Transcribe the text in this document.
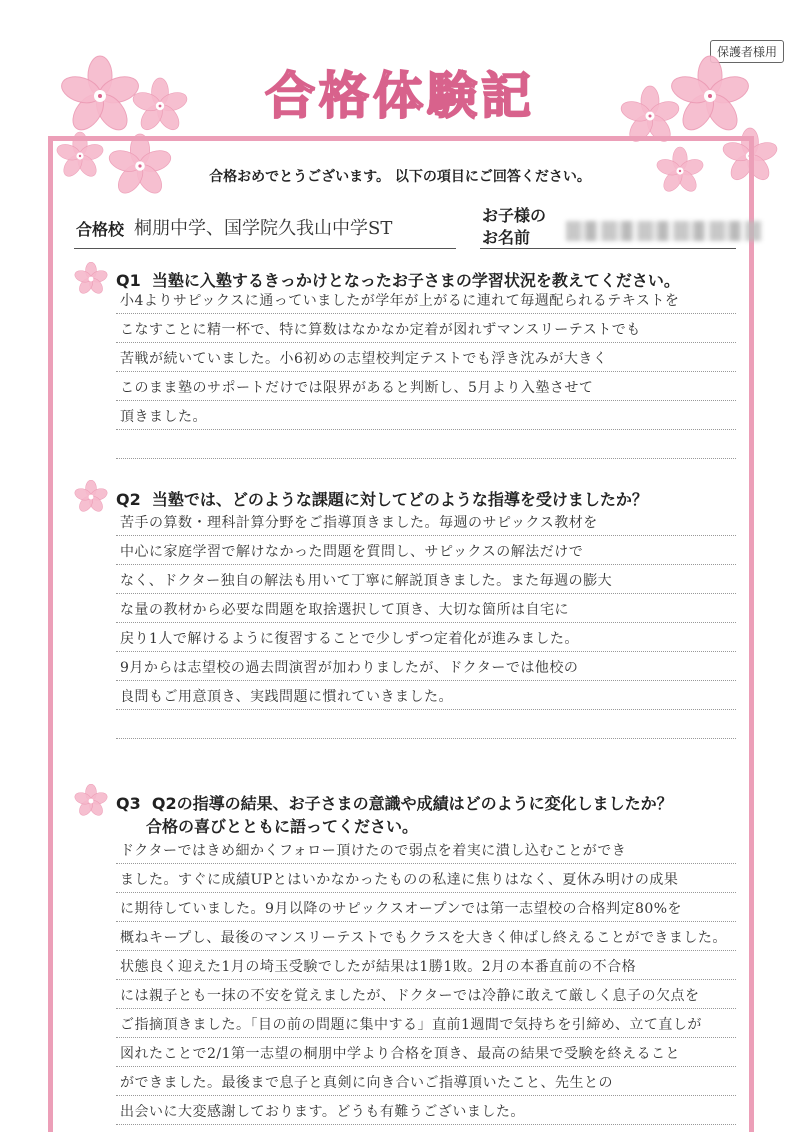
保護者様用
合格体験記
合格おめでとうございます。 以下の項目にご回答ください。
合格校 桐朋中学、国学院久我山中学ST
お子様の
お名前
Q1 当塾に入塾するきっかけとなったお子さまの学習状況を教えてください。
小4よりサピックスに通っていましたが学年が上がるに連れて毎週配られるテキストを
こなすことに精一杯で、特に算数はなかなか定着が図れずマンスリーテストでも
苦戦が続いていました。小6初めの志望校判定テストでも浮き沈みが大きく
このまま塾のサポートだけでは限界があると判断し、5月より入塾させて
頂きました。
Q2 当塾では、どのような課題に対してどのような指導を受けましたか？
苦手の算数・理科計算分野をご指導頂きました。毎週のサピックス教材を
中心に家庭学習で解けなかった問題を質問し、サピックスの解法だけで
なく、ドクター独自の解法も用いて丁寧に解説頂きました。また毎週の膨大
な量の教材から必要な問題を取捨選択して頂き、大切な箇所は自宅に
戻り1人で解けるように復習することで少しずつ定着化が進みました。
9月からは志望校の過去問演習が加わりましたが、ドクターでは他校の
良問もご用意頂き、実践問題に慣れていきました。
Q3 Q2の指導の結果、お子さまの意識や成績はどのように変化しましたか？
合格の喜びとともに語ってください。
ドクターではきめ細かくフォロー頂けたので弱点を着実に潰し込むことができ
ました。すぐに成績UPとはいかなかったものの私達に焦りはなく、夏休み明けの成果
に期待していました。9月以降のサピックスオープンでは第一志望校の合格判定80%を
概ねキープし、最後のマンスリーテストでもクラスを大きく伸ばし終えることができました。
状態良く迎えた1月の埼玉受験でしたが結果は1勝1敗。2月の本番直前の不合格
には親子とも一抹の不安を覚えましたが、ドクターでは冷静に敢えて厳しく息子の欠点を
ご指摘頂きました。「目の前の問題に集中する」直前1週間で気持ちを引締め、立て直しが
図れたことで2/1第一志望の桐朋中学より合格を頂き、最高の結果で受験を終えること
ができました。最後まで息子と真剣に向き合いご指導頂いたこと、先生との
出会いに大変感謝しております。どうも有難うございました。
